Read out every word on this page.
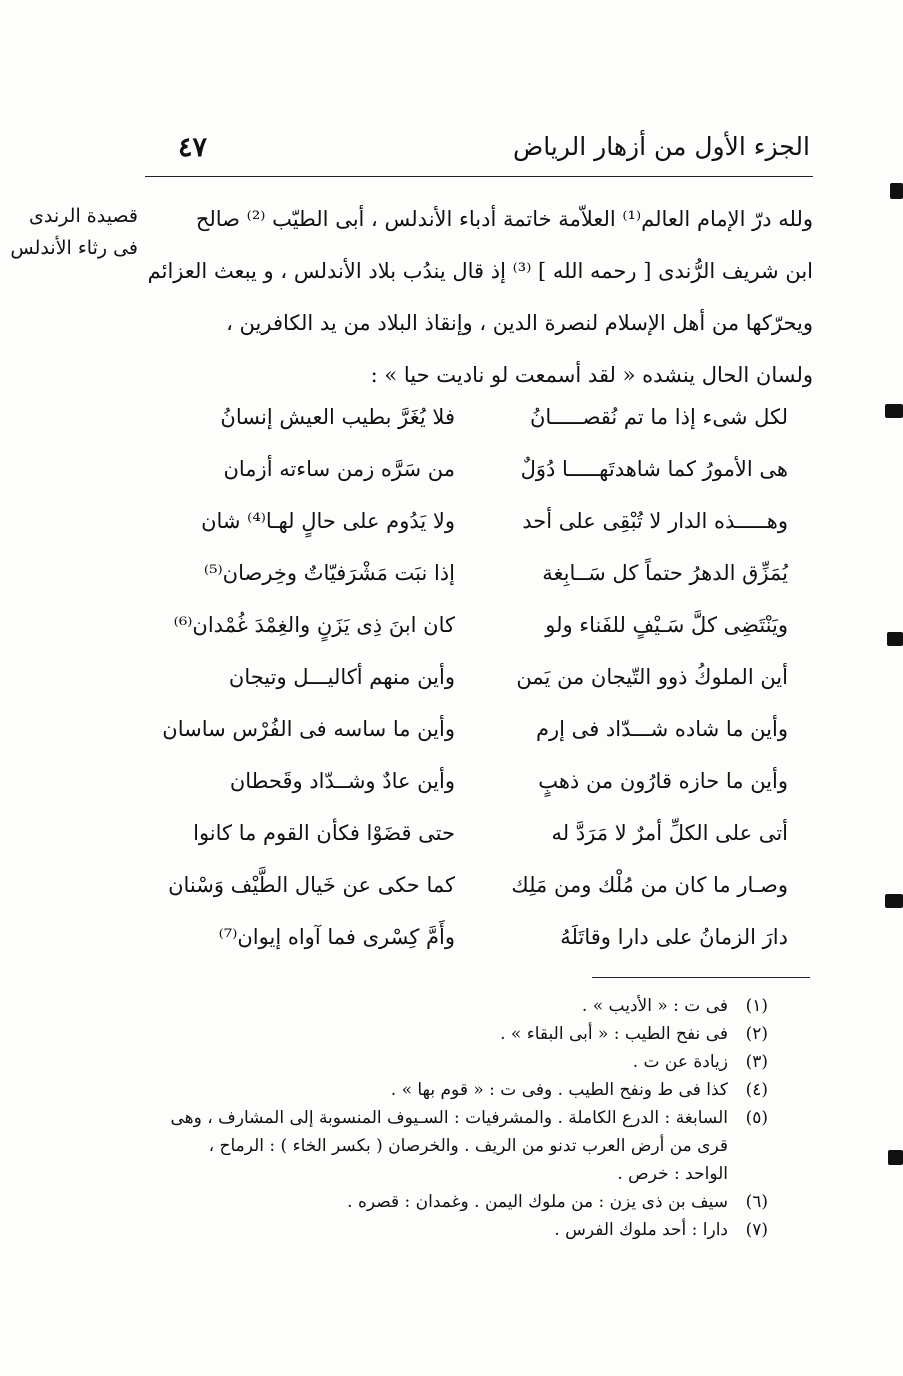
٤٧	الجزء الأول من أزهار الرياض
قصيدة الرندى
فى رثاء الأندلس

ولله درّ الإمام العالم⁽¹⁾ العلاّمة خاتمة أدباء الأندلس ، أبى الطيّب ⁽²⁾ صالح

ابن شريف الرُّندى [ رحمه الله ] ⁽³⁾ إذ قال يندُب بلاد الأندلس ، و يبعث العزائم

ويحرّكها من أهل الإسلام لنصرة الدين ، وإنقاذ البلاد من يد الكافرين ،

ولسان الحال ينشده « لقد أسمعت لو ناديت حيا » :

لكل شىء إذا ما تم نُقصـــــانُ
فلا يُغَرَّ بطيب العيش إنسانُ
هى الأمورُ كما شاهدتَهـــــا دُوَلٌ
من سَرَّه زمن ساءته أزمان
وهـــــذه الدار لا تُبْقِى على أحد
ولا يَدُوم على حالٍ لهـا⁽⁴⁾ شان
يُمَزِّق الدهرُ حتماً كل سَــابِغة
إذا نبَت مَشْرَفيّاتٌ وخِرصان⁽⁵⁾
ويَنْتَضِى كلَّ سَـيْفٍ للفَناء ولو
كان ابنَ ذِى يَزَنٍ والغِمْدَ غُمْدان⁽⁶⁾
أين الملوكُ ذوو التّيجان من يَمن
وأين منهم أكاليـــل وتيجان
وأين ما شاده شـــدّاد فى إرم
وأين ما ساسه فى الفُرْس ساسان
وأين ما حازه قارُون من ذهبٍ
وأين عادٌ وشــدّاد وقَحطان
أتى على الكلِّ أمرٌ لا مَرَدَّ له
حتى قضَوْا فكأن القوم ما كانوا
وصـار ما كان من مُلْك ومن مَلِك
كما حكى عن خَيال الطَّيْف وَسْنان
دارَ الزمانُ على دارا وقاتَلَهُ
وأَمَّ كِسْرى فما آواه إيوان⁽⁷⁾
(١)
فى ت : « الأديب » .
(٢)
فى نفح الطيب : « أبى البقاء » .
(٣)
زيادة عن ت .
(٤)
كذا فى ط ونفح الطيب . وفى ت : « قوم بها » .
(٥)
السابغة : الدرع الكاملة . والمشرفيات : السـيوف المنسوبة إلى المشارف ، وهى قرى من أرض العرب تدنو من الريف . والخرصان ( بكسر الخاء ) : الرماح ، الواحد : خرص .
(٦)
سيف بن ذى يزن : من ملوك اليمن . وغمدان : قصره .
(٧)
دارا : أحد ملوك الفرس .
